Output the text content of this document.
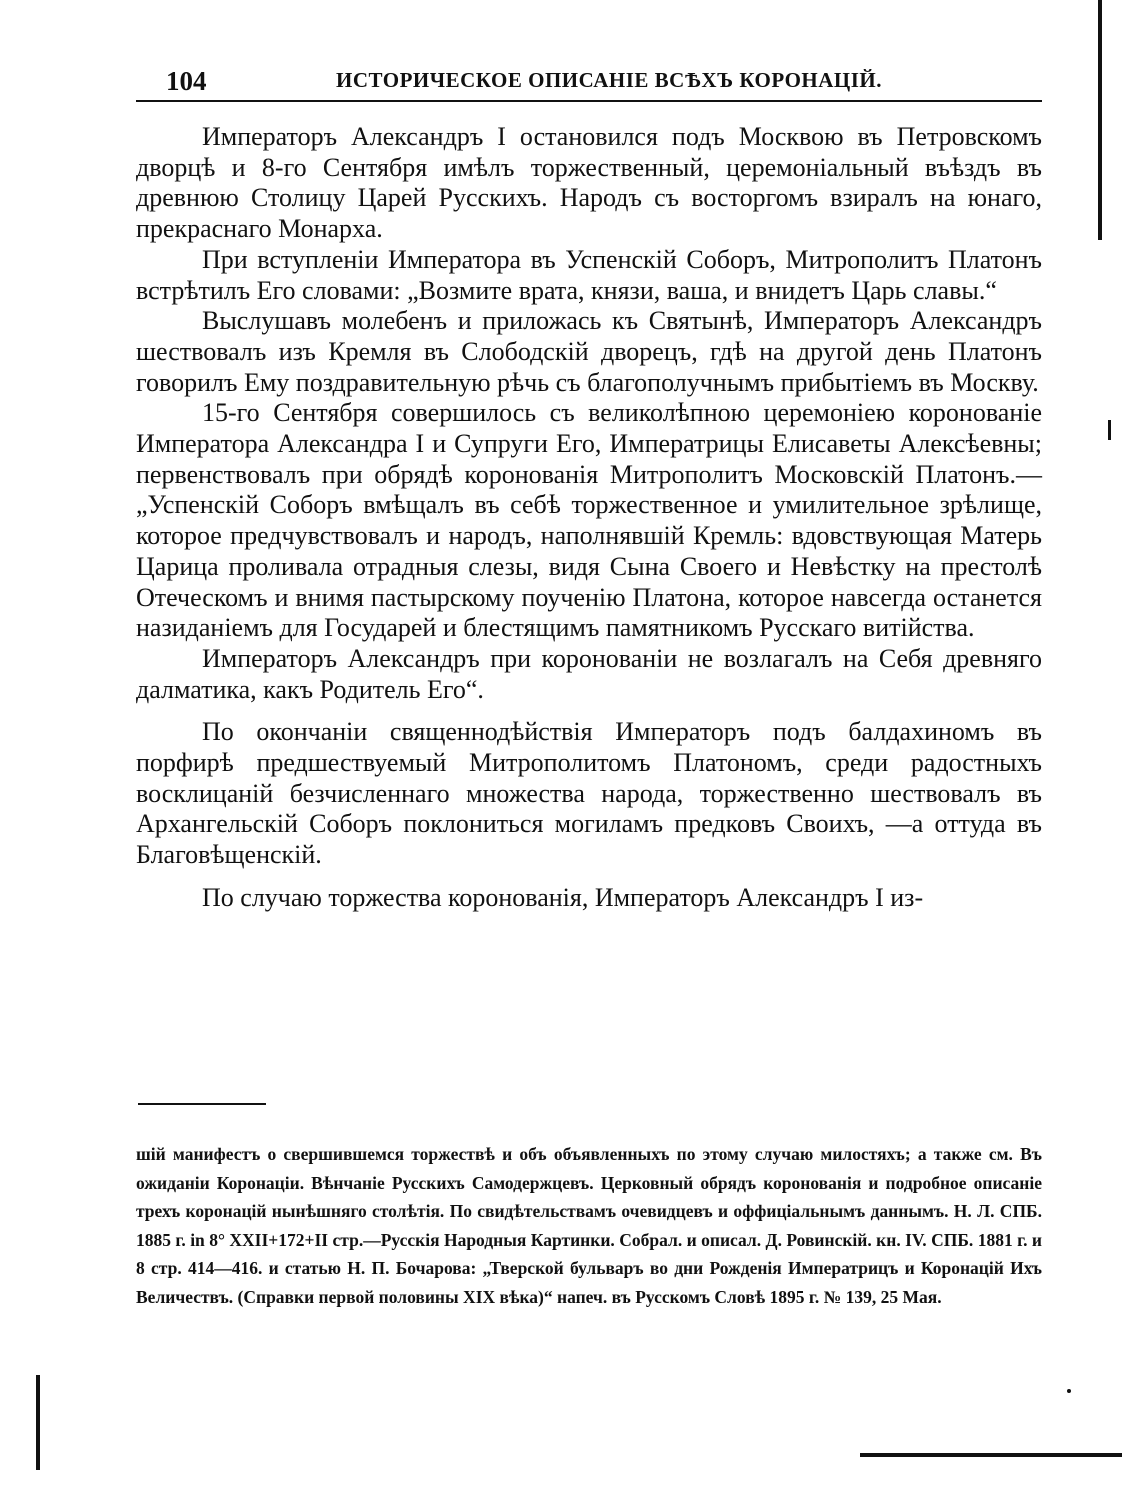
104	ИСТОРИЧЕСКОЕ ОПИСАНІЕ ВСѢХЪ КОРОНАЦІЙ.

Императоръ Александръ I остановился подъ Москвою въ Петровскомъ дворцѣ и 8-го Сентября имѣлъ торжественный, церемоніальный въѣздъ въ древнюю Столицу Царей Русскихъ. Народъ съ восторгомъ взиралъ на юнаго, прекраснаго Монарха.

При вступленіи Императора въ Успенскій Соборъ, Митрополитъ Платонъ встрѣтилъ Его словами: „Возмите врата, князи, ваша, и внидетъ Царь славы.“

Выслушавъ молебенъ и приложась къ Святынѣ, Императоръ Александръ шествовалъ изъ Кремля въ Слободскій дворецъ, гдѣ на другой день Платонъ говорилъ Ему поздравительную рѣчь съ благополучнымъ прибытіемъ въ Москву.

15-го Сентября совершилось съ великолѣпною церемоніею коронованіе Императора Александра I и Супруги Его, Императрицы Елисаветы Алексѣевны; первенствовалъ при обрядѣ коронованія Митрополитъ Московскій Платонъ.—„Успенскій Соборъ вмѣщалъ въ себѣ торжественное и умилительное зрѣлище, которое предчувствовалъ и народъ, наполнявшій Кремль: вдовствующая Матерь Царица проливала отрадныя слезы, видя Сына Своего и Невѣстку на престолѣ Отеческомъ и внимя пастырскому поученію Платона, которое навсегда останется назиданіемъ для Государей и блестящимъ памятникомъ Русскаго витійства.

Императоръ Александръ при коронованіи не возлагалъ на Себя древняго далматика, какъ Родитель Его“.

По окончаніи священнодѣйствія Императоръ подъ балдахиномъ въ порфирѣ предшествуемый Митрополитомъ Платономъ, среди радостныхъ восклицаній безчисленнаго множества народа, торжественно шествовалъ въ Архангельскій Соборъ поклониться могиламъ предковъ Своихъ, —а оттуда въ Благовѣщенскій.

По случаю торжества коронованія, Императоръ Александръ I из-

шій манифестъ о свершившемся торжествѣ и объ объявленныхъ по этому случаю милостяхъ; а также см. Въ ожиданіи Коронаціи. Вѣнчаніе Русскихъ Самодержцевъ. Церковный обрядъ коронованія и подробное описаніе трехъ коронацій нынѣшняго столѣтія. По свидѣтельствамъ очевидцевъ и оффиціальнымъ даннымъ. Н. Л. СПБ. 1885 г. in 8° XXII+172+II стр.—Русскія Народныя Картинки. Собрал. и описал. Д. Ровинскій. кн. IV. СПБ. 1881 г. и 8 стр. 414—416. и статью Н. П. Бочарова: „Тверской бульваръ во дни Рожденія Императрицъ и Коронацій Ихъ Величествъ. (Справки первой половины XIX вѣка)“ напеч. въ Русскомъ Словѣ 1895 г. № 139, 25 Мая.
